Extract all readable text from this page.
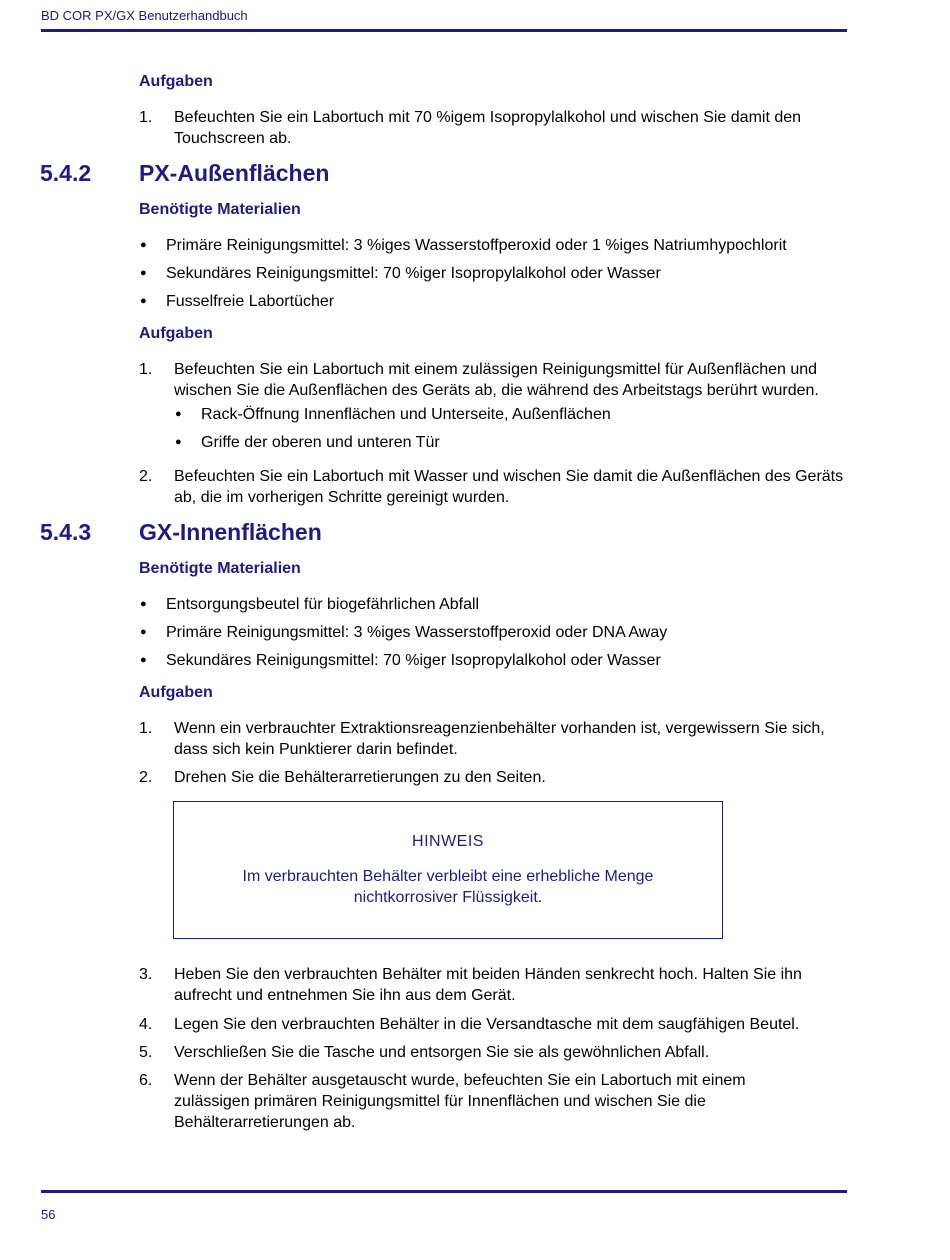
BD COR PX/GX Benutzerhandbuch
Aufgaben
1. Befeuchten Sie ein Labortuch mit 70 %igem Isopropylalkohol und wischen Sie damit den Touchscreen ab.
5.4.2 PX-Außenflächen
Benötigte Materialien
● Primäre Reinigungsmittel: 3 %iges Wasserstoffperoxid oder 1 %iges Natriumhypochlorit
● Sekundäres Reinigungsmittel: 70 %iger Isopropylalkohol oder Wasser
● Fusselfreie Labortücher
Aufgaben
1. Befeuchten Sie ein Labortuch mit einem zulässigen Reinigungsmittel für Außenflächen und wischen Sie die Außenflächen des Geräts ab, die während des Arbeitstags berührt wurden.
● Rack-Öffnung Innenflächen und Unterseite, Außenflächen
● Griffe der oberen und unteren Tür
2. Befeuchten Sie ein Labortuch mit Wasser und wischen Sie damit die Außenflächen des Geräts ab, die im vorherigen Schritte gereinigt wurden.
5.4.3 GX-Innenflächen
Benötigte Materialien
● Entsorgungsbeutel für biogefährlichen Abfall
● Primäre Reinigungsmittel: 3 %iges Wasserstoffperoxid oder DNA Away
● Sekundäres Reinigungsmittel: 70 %iger Isopropylalkohol oder Wasser
Aufgaben
1. Wenn ein verbrauchter Extraktionsreagenzienbehälter vorhanden ist, vergewissern Sie sich, dass sich kein Punktierer darin befindet.
2. Drehen Sie die Behälterarretierungen zu den Seiten.
HINWEIS
Im verbrauchten Behälter verbleibt eine erhebliche Menge nichtkorrosiver Flüssigkeit.
3. Heben Sie den verbrauchten Behälter mit beiden Händen senkrecht hoch. Halten Sie ihn aufrecht und entnehmen Sie ihn aus dem Gerät.
4. Legen Sie den verbrauchten Behälter in die Versandtasche mit dem saugfähigen Beutel.
5. Verschließen Sie die Tasche und entsorgen Sie sie als gewöhnlichen Abfall.
6. Wenn der Behälter ausgetauscht wurde, befeuchten Sie ein Labortuch mit einem zulässigen primären Reinigungsmittel für Innenflächen und wischen Sie die Behälterarretierungen ab.
56
